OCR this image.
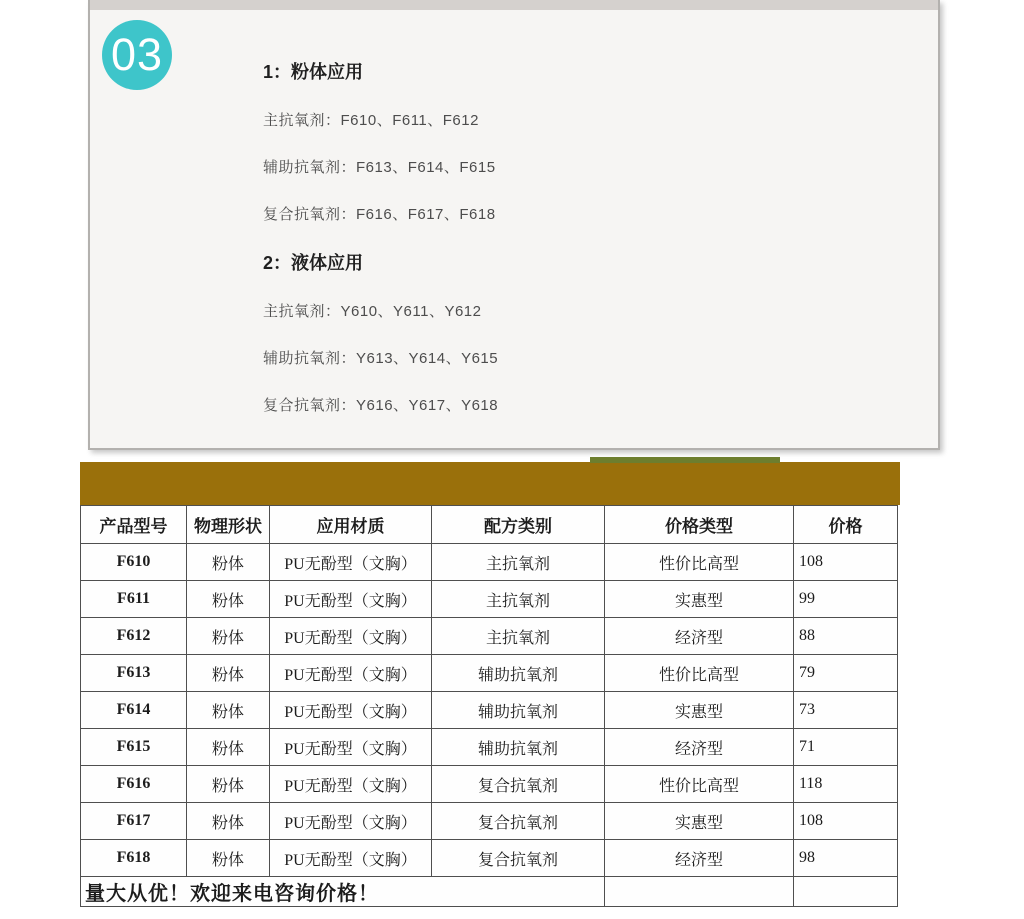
03	1：粉体应用
主抗氧剂：F610、F611、F612
辅助抗氧剂：F613、F614、F615
复合抗氧剂：F616、F617、F618
2：液体应用
主抗氧剂：Y610、Y611、Y612
辅助抗氧剂：Y613、Y614、Y615
复合抗氧剂：Y616、Y617、Y618
产品型号	物理形状	应用材质	配方类别	价格类型	价格
F610	粉体	PU无酚型（文胸）	主抗氧剂	性价比高型	108
F611	粉体	PU无酚型（文胸）	主抗氧剂	实惠型	99
F612	粉体	PU无酚型（文胸）	主抗氧剂	经济型	88
F613	粉体	PU无酚型（文胸）	辅助抗氧剂	性价比高型	79
F614	粉体	PU无酚型（文胸）	辅助抗氧剂	实惠型	73
F615	粉体	PU无酚型（文胸）	辅助抗氧剂	经济型	71
F616	粉体	PU无酚型（文胸）	复合抗氧剂	性价比高型	118
F617	粉体	PU无酚型（文胸）	复合抗氧剂	实惠型	108
F618	粉体	PU无酚型（文胸）	复合抗氧剂	经济型	98
量大从优！欢迎来电咨询价格！					
